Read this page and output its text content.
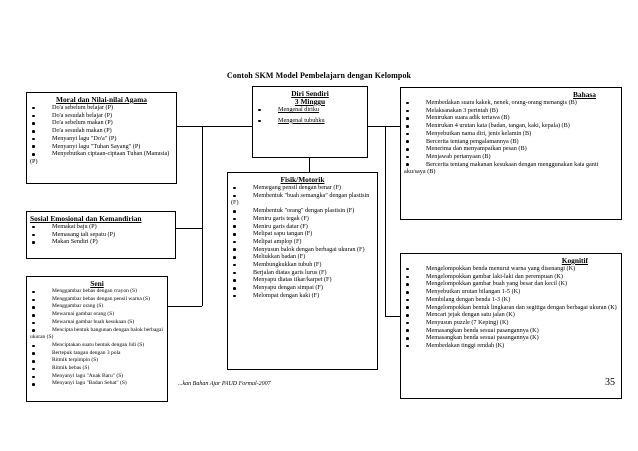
Contoh SKM Model Pembelajarn dengan Kelompok
Moral dan Nilai-nilai Agama
Do'a sebelum belajar (P)
Do'a sesudah belajar (P)
Do'a sebelum makan (P)
Do'a sesudah makan (P)
Menyanyi lagu "Do'a" (P)
Menyanyi lagu "Tuhan Sayang" (P)
Menyebutkan ciptaan-ciptaan Tuhan (Manusia) (P)
Diri Sendiri
3 Minggu
Mengenal diriku
Mengenal tubuhku
Bahasa
Membedakan suara kakek, nenek, orang-orang menangis (B)
Melaksanakan 3 perintah (B)
Menirukan suara adik tertawa (B)
Menirukan 4 urutan kata (badan, tangan, kaki, kepala) (B)
Menyebutkan nama diri, jenis kelamin (B)
Bercerita tentang pengalamannya (B)
Menerima dan menyampaikan pesan (B)
Menjawab pertanyaan (B)
Bercerita tentang makanan kesukaan dengan menggunakan kata ganti aku/saya (B)
Fisik/Motorik
Memegang pensil dengan benar (F)
Membentuk "buah semangka" dengan plastisin (F)
Membentuk "orang" dengan plastisin (F)
Meniru garis tegak (F)
Meniru garis datar (F)
Melipat sapu tangan (F)
Melipat amplop (F)
Menyusun balok dengan berbagai ukuran (F)
Meliukkan badan (F)
Membungkukkan tubuh (F)
Berjalan diatas garis lurus (F)
Menyapu diatas tikar/karpet (F)
Menyapu dengan simpai (F)
Melompat dengan kaki (F)
Sosial Emosional dan Kemandirian
Memakai baju (P)
Memasang tali sepatu (P)
Makan Sendiri (P)
Seni
Menggambar bebas dengan crayon (S)
Menggambar bebas dengan pensil warna (S)
Menggambar orang (S)
Mewarnai gambar orang (S)
Mewarnai gambar buah kesukaan (S)
Mencipta bentuk bangunan dengan balok berbagai ukuran (S)
Menciptakan suatu bentuk dengan lidi (S)
Bertepuk tangan dengan 3 pola
Ritmik terpimpin (S)
Ritmik bebas (S)
Menyanyi lagu "Anak Baru" (S)
Menyanyi lagu "Badan Sehat" (S)
Kognitif
Mengelompokkan benda menurut warna yang disenangi (K)
Mengelompokkan gambar laki-laki dan perempuan (K)
Mengelompokkan gambar buah yang besar dan kecil (K)
Menyebutkan urutan bilangan 1-5 (K)
Membilang dengan benda 1-3 (K)
Mengelompokkan bentuk lingkaran dan segitiga dengan berbagai ukuran (K)
Mencari jejak dengan satu jalan (K)
Menyusun puzzle (7 Keping) (K)
Memasangkan benda sesuai pasangannya (K)
Memasangkan benda sesuai pasangannya (K)
Membedakan tinggi rendah (K)
...kan Bahan Ajar PAUD Formal-2007	35
